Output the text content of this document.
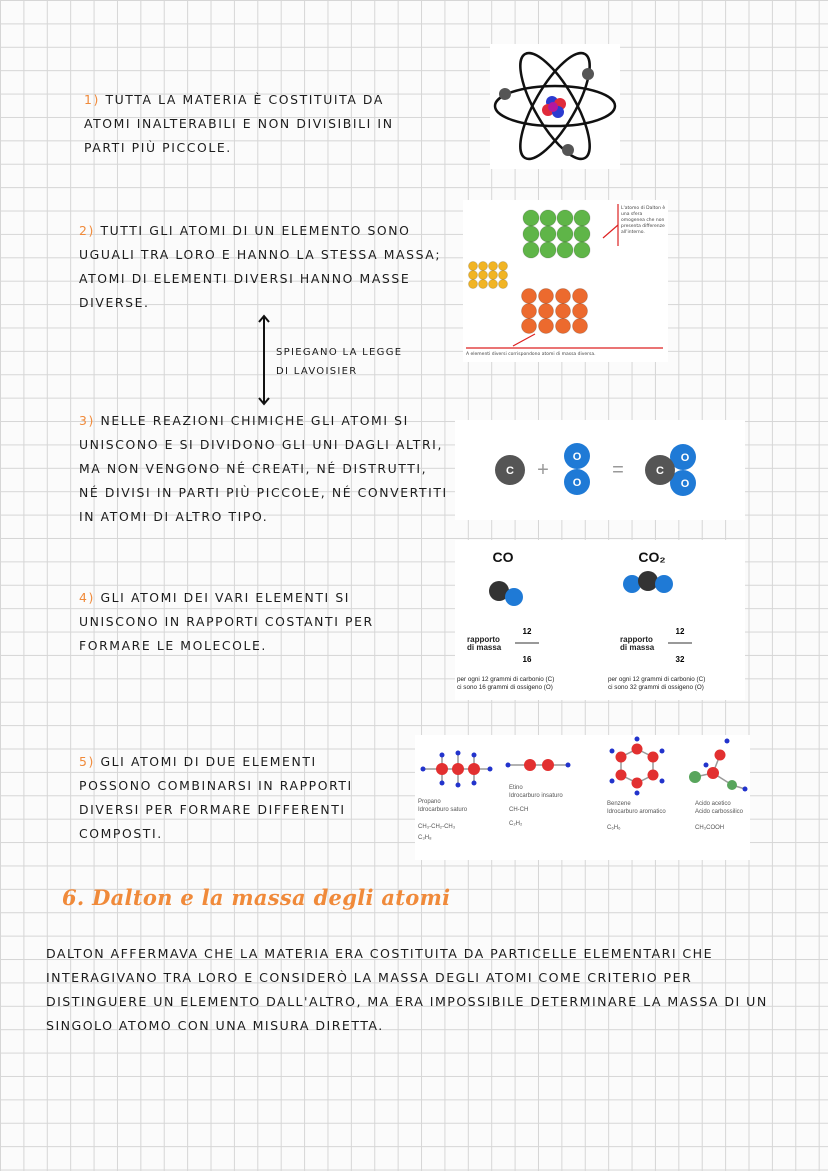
1) TUTTA LA MATERIA È COSTITUITA DA ATOMI INALTERABILI E NON DIVISIBILI IN PARTI PIÙ PICCOLE.

2) TUTTI GLI ATOMI DI UN ELEMENTO SONO UGUALI TRA LORO E HANNO LA STESSA MASSA; ATOMI DI ELEMENTI DIVERSI HANNO MASSE DIVERSE.

L'atomo di Dalton è una sfera omogenea che non presenta differenze all'interno.
A elementi diversi corrispondono atomi di massa diversa.

SPIEGANO LA LEGGE DI LAVOISIER

3) NELLE REAZIONI CHIMICHE GLI ATOMI SI UNISCONO E SI DIVIDONO GLI UNI DAGLI ALTRI, MA NON VENGONO NÉ CREATI, NÉ DISTRUTTI, NÉ DIVISI IN PARTI PIÙ PICCOLE, NÉ CONVERTITI IN ATOMI DI ALTRO TIPO.

C +
O
O
=	C
O
O

4) GLI ATOMI DEI VARI ELEMENTI SI UNISCONO IN RAPPORTI COSTANTI PER FORMARE LE MOLECOLE.

CO	CO₂
rapporto
di massa
12
16
rapporto
di massa
12
32
per ogni 12 grammi di carbonio (C)
ci sono 16 grammi di ossigeno (O)
per ogni 12 grammi di carbonio (C)
ci sono 32 grammi di ossigeno (O)

5) GLI ATOMI DI DUE ELEMENTI POSSONO COMBINARSI IN RAPPORTI DIVERSI PER FORMARE DIFFERENTI COMPOSTI.

Propano
Idrocarburo saturo
CH₃-CH₂-CH₃
C₃H₈
Etino
Idrocarburo insaturo
CH-CH
C₂H₂
Benzene
Idrocarburo aromatico
C₆H₆
Acido acetico
Acido carbossilico
CH₃COOH
6. Dalton e la massa degli atomi

DALTON AFFERMAVA CHE LA MATERIA ERA COSTITUITA DA PARTICELLE ELEMENTARI CHE INTERAGIVANO TRA LORO E CONSIDERÒ LA MASSA DEGLI ATOMI COME CRITERIO PER DISTINGUERE UN ELEMENTO DALL'ALTRO, MA ERA IMPOSSIBILE DETERMINARE LA MASSA DI UN SINGOLO ATOMO CON UNA MISURA DIRETTA.
